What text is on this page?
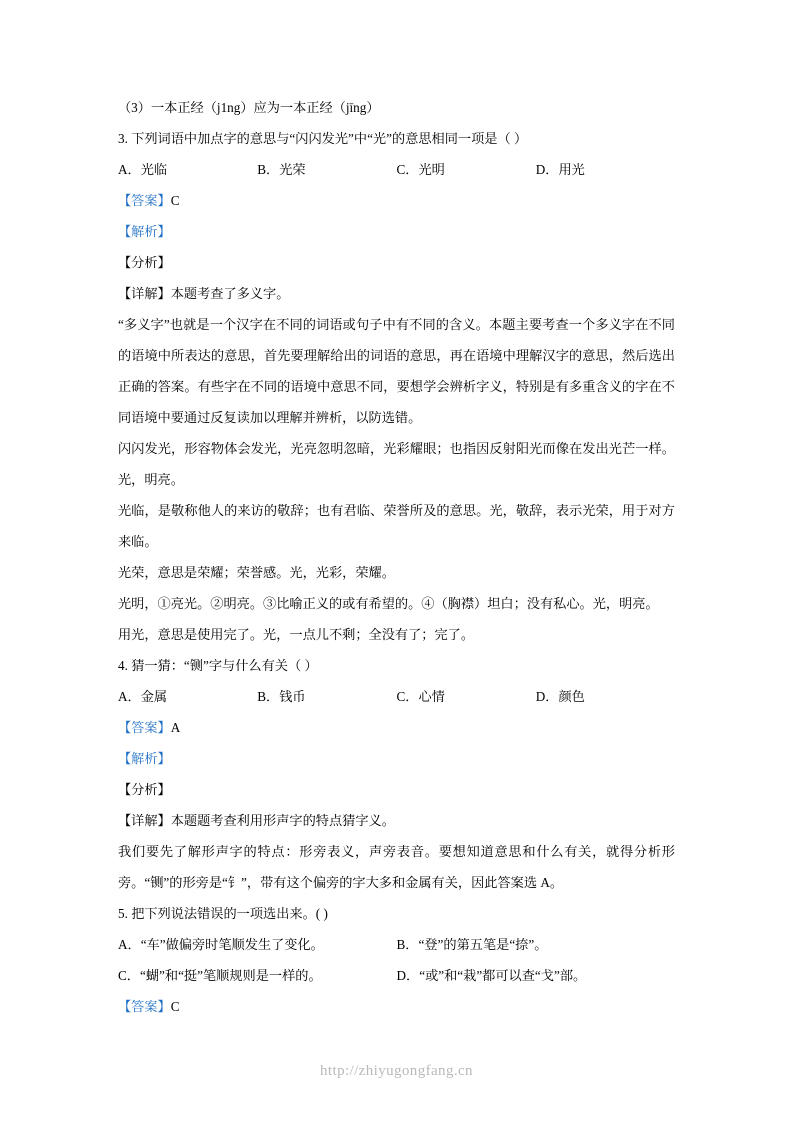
（3）一本正经（j1ng）应为一本正经（jīng）
3. 下列词语中加点字的意思与“闪闪发光”中“光”的意思相同一项是（ ）
A．光临	B．光荣	C．光明	D．用光
【答案】C
【解析】
【分析】
【详解】本题考查了多义字。
“多义字”也就是一个汉字在不同的词语或句子中有不同的含义。本题主要考查一个多义字在不同的语境中所表达的意思，首先要理解给出的词语的意思，再在语境中理解汉字的意思，然后选出正确的答案。有些字在不同的语境中意思不同，要想学会辨析字义，特别是有多重含义的字在不同语境中要通过反复读加以理解并辨析，以防选错。
闪闪发光，形容物体会发光，光亮忽明忽暗，光彩耀眼；也指因反射阳光而像在发出光芒一样。光，明亮。
光临，是敬称他人的来访的敬辞；也有君临、荣誉所及的意思。光，敬辞，表示光荣，用于对方来临。
光荣，意思是荣耀；荣誉感。光，光彩，荣耀。
光明，①亮光。②明亮。③比喻正义的或有希望的。④（胸襟）坦白；没有私心。光，明亮。
用光，意思是使用完了。光，一点儿不剩；全没有了；完了。
4. 猜一猜：“铡”字与什么有关（ ）
A．金属	B．钱币	C．心情	D．颜色
【答案】A
【解析】
【分析】
【详解】本题题考查利用形声字的特点猜字义。
我们要先了解形声字的特点：形旁表义，声旁表音。要想知道意思和什么有关，就得分析形旁。“铡”的形旁是“钅”，带有这个偏旁的字大多和金属有关，因此答案选 A。
5. 把下列说法错误的一项选出来。( )
A．“车”做偏旁时笔顺发生了变化。	B．“登”的第五笔是“捺”。
C．“蝴”和“挺”笔顺规则是一样的。	D．“或”和“栽”都可以查“戈”部。
【答案】C
http://zhiyugongfang.cn
